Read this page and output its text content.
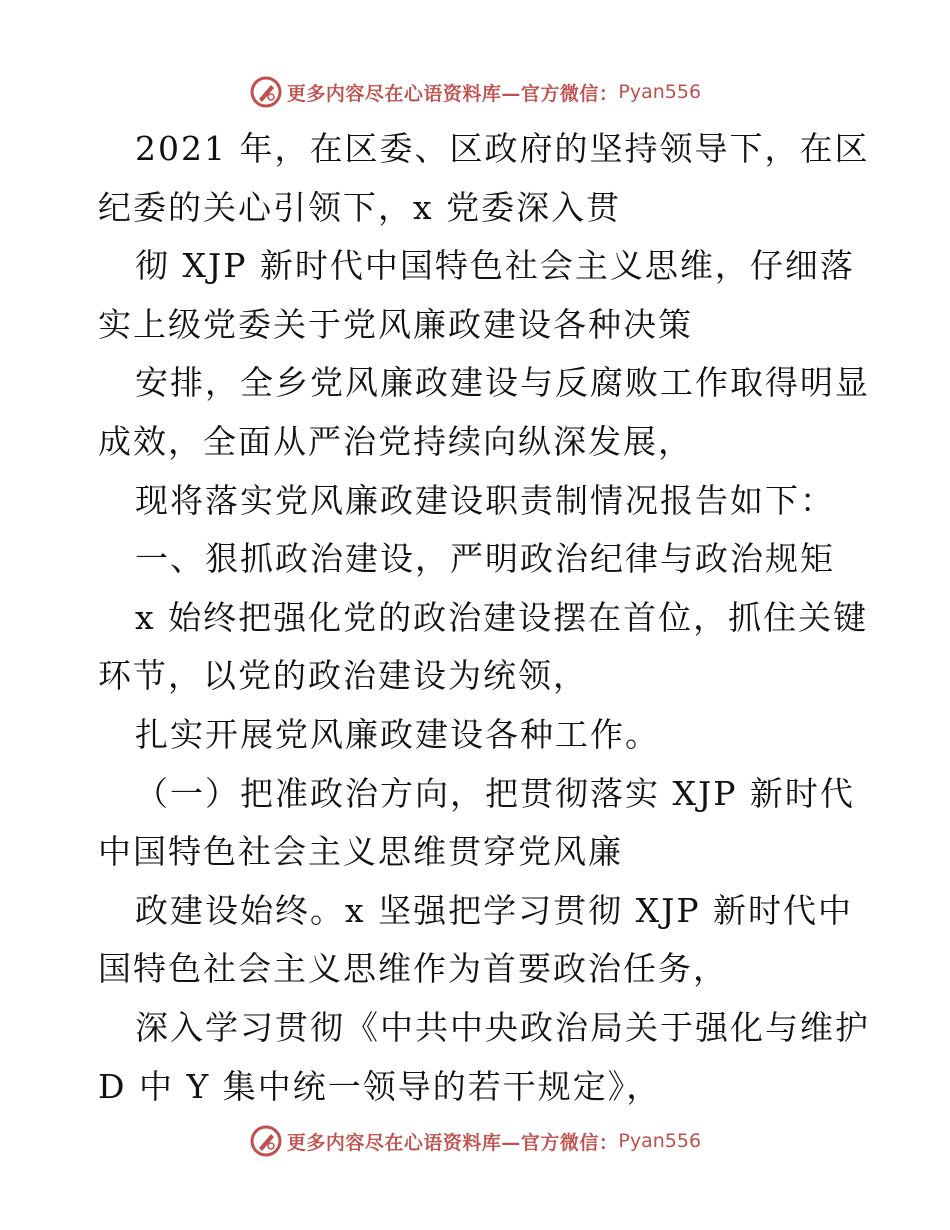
更多内容尽在心语资料库—官方微信： Pyan556
2021 年，在区委、区政府的坚持领导下，在区
纪委的关心引领下，x 党委深入贯
彻 XJP 新时代中国特色社会主义思维，仔细落
实上级党委关于党风廉政建设各种决策
安排，全乡党风廉政建设与反腐败工作取得明显
成效，全面从严治党持续向纵深发展，
现将落实党风廉政建设职责制情况报告如下：
一、狠抓政治建设，严明政治纪律与政治规矩
x 始终把强化党的政治建设摆在首位，抓住关键
环节，以党的政治建设为统领，
扎实开展党风廉政建设各种工作。
（一）把准政治方向，把贯彻落实 XJP 新时代
中国特色社会主义思维贯穿党风廉
政建设始终。x 坚强把学习贯彻 XJP 新时代中
国特色社会主义思维作为首要政治任务，
深入学习贯彻《中共中央政治局关于强化与维护
D 中 Y 集中统一领导的若干规定》，
更多内容尽在心语资料库—官方微信： Pyan556
